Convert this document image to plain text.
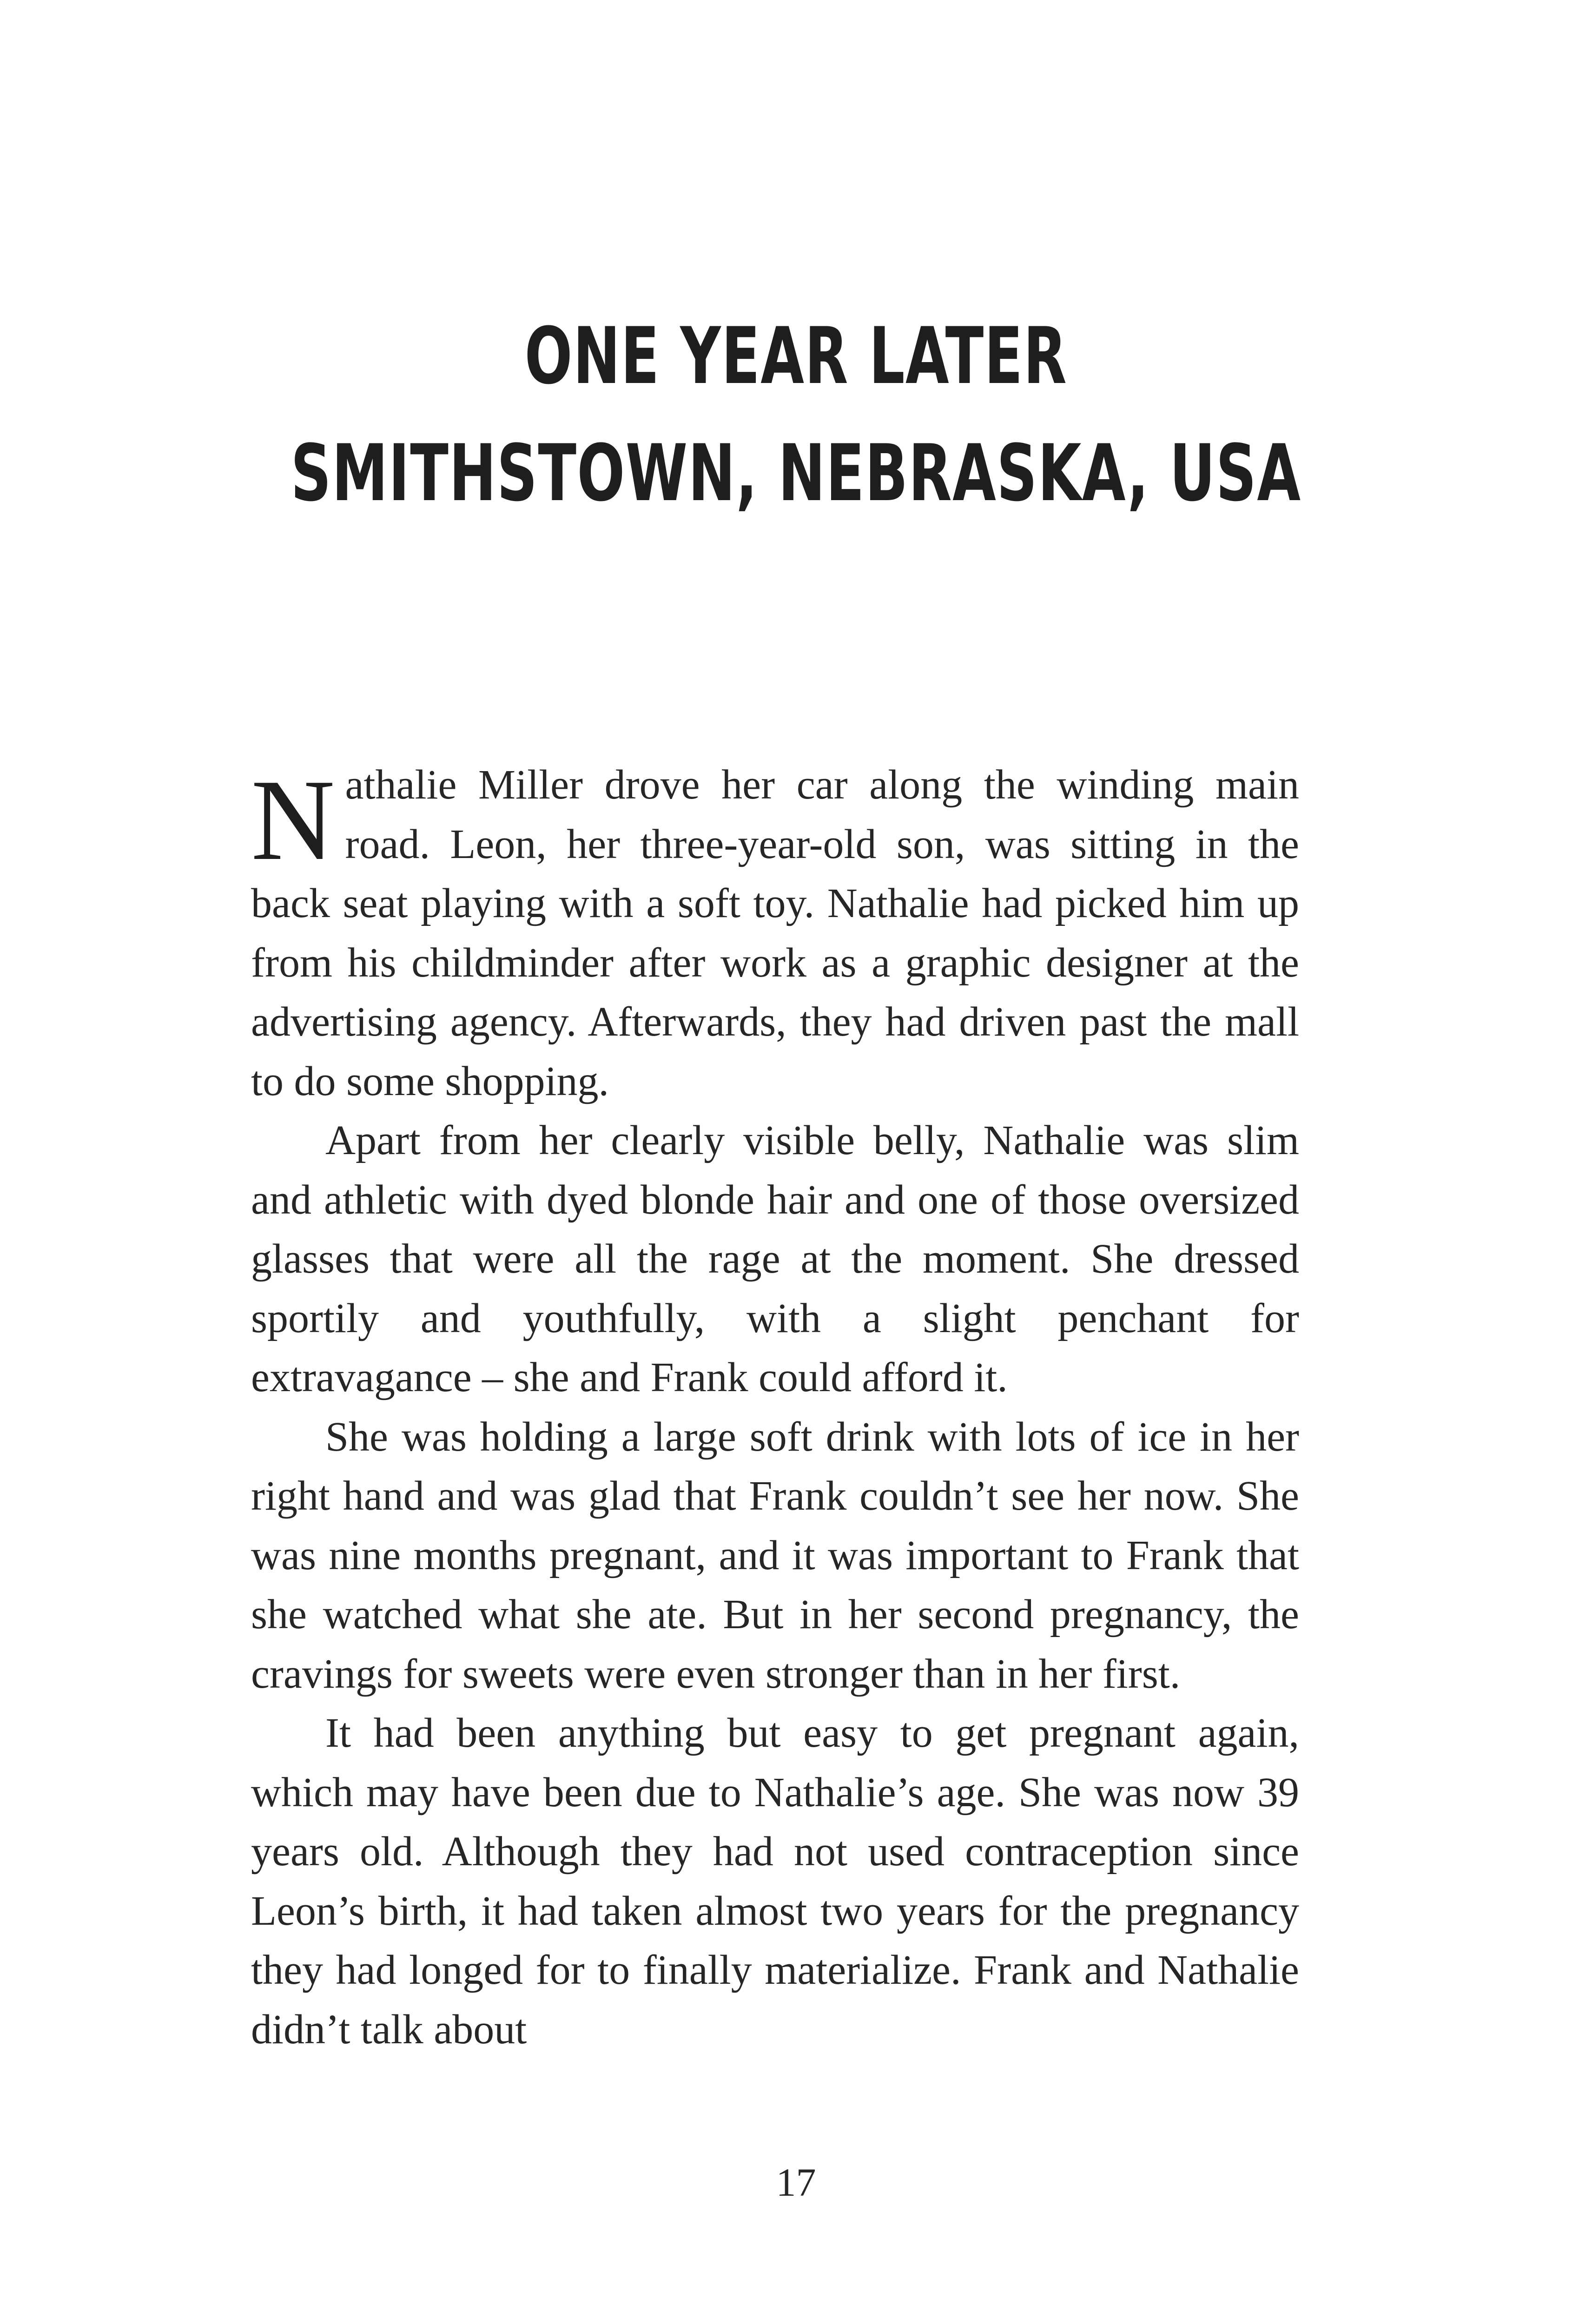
ONE YEAR LATER
SMITHSTOWN, NEBRASKA, USA

Nathalie Miller drove her car along the winding main road. Leon, her three-year-old son, was sitting in the back seat playing with a soft toy. Nathalie had picked him up from his childminder after work as a graphic designer at the advertising agency. Afterwards, they had driven past the mall to do some shopping.

Apart from her clearly visible belly, Nathalie was slim and athletic with dyed blonde hair and one of those oversized glasses that were all the rage at the moment. She dressed sportily and youthfully, with a slight penchant for extravagance – she and Frank could afford it.

She was holding a large soft drink with lots of ice in her right hand and was glad that Frank couldn’t see her now. She was nine months pregnant, and it was important to Frank that she watched what she ate. But in her second pregnancy, the cravings for sweets were even stronger than in her first.

It had been anything but easy to get pregnant again, which may have been due to Nathalie’s age. She was now 39 years old. Although they had not used contraception since Leon’s birth, it had taken almost two years for the pregnancy they had longed for to finally materialize. Frank and Nathalie didn’t talk about

17
